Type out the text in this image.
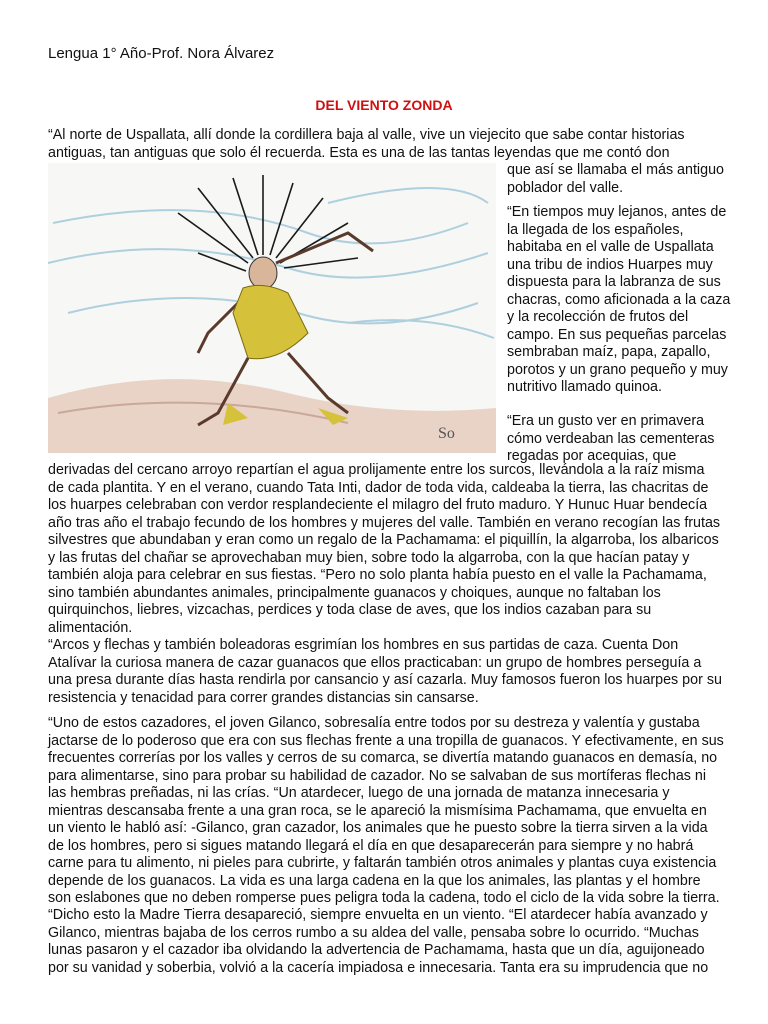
Lengua 1° Año-Prof. Nora Álvarez
DEL VIENTO ZONDA

“Al norte de Uspallata, allí donde la cordillera baja al valle, vive un viejecito que sabe contar historias antiguas, tan antiguas que solo él recuerda. Esta es una de las tantas leyendas que me contó don

So

que así se llamaba el más antiguo poblador del valle.

“En tiempos muy lejanos, antes de la llegada de los españoles, habitaba en el valle de Uspallata una tribu de indios Huarpes muy dispuesta para la labranza de sus chacras, como aficionada a la caza y la recolección de frutos del campo. En sus pequeñas parcelas sembraban maíz, papa, zapallo, porotos y un grano pequeño y muy nutritivo llamado quinoa.

“Era un gusto ver en primavera cómo verdeaban las cementeras regadas por acequias, que

derivadas del cercano arroyo repartían el agua prolijamente entre los surcos, llevándola a la raíz misma de cada plantita. Y en el verano, cuando Tata Inti, dador de toda vida, caldeaba la tierra, las chacritas de los huarpes celebraban con verdor resplandeciente el milagro del fruto maduro. Y Hunuc Huar bendecía año tras año el trabajo fecundo de los hombres y mujeres del valle. También en verano recogían las frutas silvestres que abundaban y eran como un regalo de la Pachamama: el piquillín, la algarroba, los albaricos y las frutas del chañar se aprovechaban muy bien, sobre todo la algarroba, con la que hacían patay y también aloja para celebrar en sus fiestas. “Pero no solo planta había puesto en el valle la Pachamama, sino también abundantes animales, principalmente guanacos y choiques, aunque no faltaban los quirquinchos, liebres, vizcachas, perdices y toda clase de aves, que los indios cazaban para su alimentación.

“Arcos y flechas y también boleadoras esgrimían los hombres en sus partidas de caza. Cuenta Don Atalívar la curiosa manera de cazar guanacos que ellos practicaban: un grupo de hombres perseguía a una presa durante días hasta rendirla por cansancio y así cazarla. Muy famosos fueron los huarpes por su resistencia y tenacidad para correr grandes distancias sin cansarse.

“Uno de estos cazadores, el joven Gilanco, sobresalía entre todos por su destreza y valentía y gustaba jactarse de lo poderoso que era con sus flechas frente a una tropilla de guanacos. Y efectivamente, en sus frecuentes correrías por los valles y cerros de su comarca, se divertía matando guanacos en demasía, no para alimentarse, sino para probar su habilidad de cazador. No se salvaban de sus mortíferas flechas ni las hembras preñadas, ni las crías. “Un atardecer, luego de una jornada de matanza innecesaria y mientras descansaba frente a una gran roca, se le apareció la mismísima Pachamama, que envuelta en un viento le habló así: -Gilanco, gran cazador, los animales que he puesto sobre la tierra sirven a la vida de los hombres, pero si sigues matando llegará el día en que desaparecerán para siempre y no habrá carne para tu alimento, ni pieles para cubrirte, y faltarán también otros animales y plantas cuya existencia depende de los guanacos. La vida es una larga cadena en la que los animales, las plantas y el hombre son eslabones que no deben romperse pues peligra toda la cadena, todo el ciclo de la vida sobre la tierra.

“Dicho esto la Madre Tierra desapareció, siempre envuelta en un viento. “El atardecer había avanzado y Gilanco, mientras bajaba de los cerros rumbo a su aldea del valle, pensaba sobre lo ocurrido. “Muchas lunas pasaron y el cazador iba olvidando la advertencia de Pachamama, hasta que un día, aguijoneado por su vanidad y soberbia, volvió a la cacería impiadosa e innecesaria. Tanta era su imprudencia que no
